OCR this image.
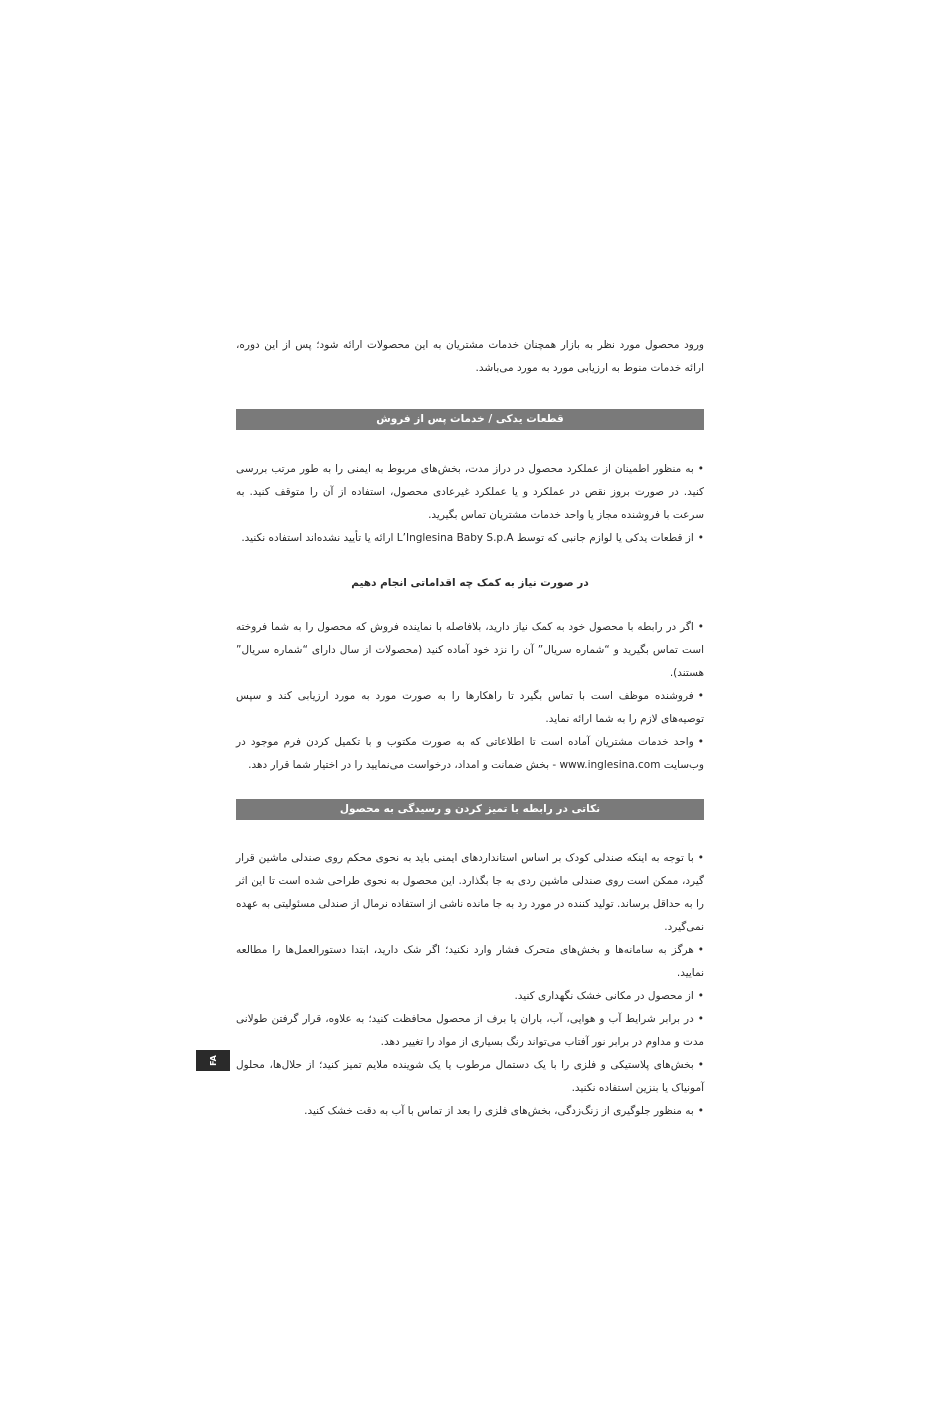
ورود محصول مورد نظر به بازار همچنان خدمات مشتریان به این محصولات ارائه شود؛ پس از این دوره، ارائه خدمات منوط به ارزیابی مورد به مورد می‌باشد.

قطعات یدکی / خدمات پس از فروش
•به منظور اطمینان از عملکرد محصول در دراز مدت، بخش‌های مربوط به ایمنی را به طور مرتب بررسی کنید. در صورت بروز نقص در عملکرد و یا عملکرد غیرعادی محصول، استفاده از آن را متوقف کنید. به سرعت با فروشنده مجاز یا واحد خدمات مشتریان تماس بگیرید.
•از قطعات یدکی یا لوازم جانبی که توسط L’Inglesina Baby S.p.A ارائه یا تأیید نشده‌اند استفاده نکنید.
در صورت نیاز به کمک چه اقداماتی انجام دهیم
•اگر در رابطه با محصول خود به کمک نیاز دارید، بلافاصله با نماینده فروش که محصول را به شما فروخته است تماس بگیرید و “شماره سریال” آن را نزد خود آماده کنید (محصولات از سال دارای “شماره سریال” هستند).
•فروشنده موظف است با تماس بگیرد تا راهکارها را به صورت مورد به مورد ارزیابی کند و سپس توصیه‌های لازم را به شما ارائه نماید.
•واحد خدمات مشتریان آماده است تا اطلاعاتی که به صورت مکتوب و با تکمیل کردن فرم موجود در وب‌سایت www.inglesina.com - بخش ضمانت و امداد، درخواست می‌نمایید را در اختیار شما قرار دهد.
نکاتی در رابطه با تمیز کردن و رسیدگی به محصول
•با توجه به اینکه صندلی کودک بر اساس استانداردهای ایمنی باید به نحوی محکم روی صندلی ماشین قرار گیرد، ممکن است روی صندلی ماشین ردی به جا بگذارد. این محصول به نحوی طراحی شده است تا این اثر را به حداقل برساند. تولید کننده در مورد رد به جا مانده ناشی از استفاده نرمال از صندلی مسئولیتی به عهده نمی‌گیرد.
•هرگز به سامانه‌ها و بخش‌های متحرک فشار وارد نکنید؛ اگر شک دارید، ابتدا دستورالعمل‌ها را مطالعه نمایید.
•از محصول در مکانی خشک نگهداری کنید.
•در برابر شرایط آب و هوایی، آب، باران یا برف از محصول محافظت کنید؛ به علاوه، قرار گرفتن طولانی مدت و مداوم در برابر نور آفتاب می‌تواند رنگ بسیاری از مواد را تغییر دهد.
•بخش‌های پلاستیکی و فلزی را با یک دستمال مرطوب یا یک شوینده ملایم تمیز کنید؛ از حلال‌ها، محلول آمونیاک یا بنزین استفاده نکنید.
•به منظور جلوگیری از زنگ‌زدگی، بخش‌های فلزی را بعد از تماس با آب به دقت خشک کنید.
FA
